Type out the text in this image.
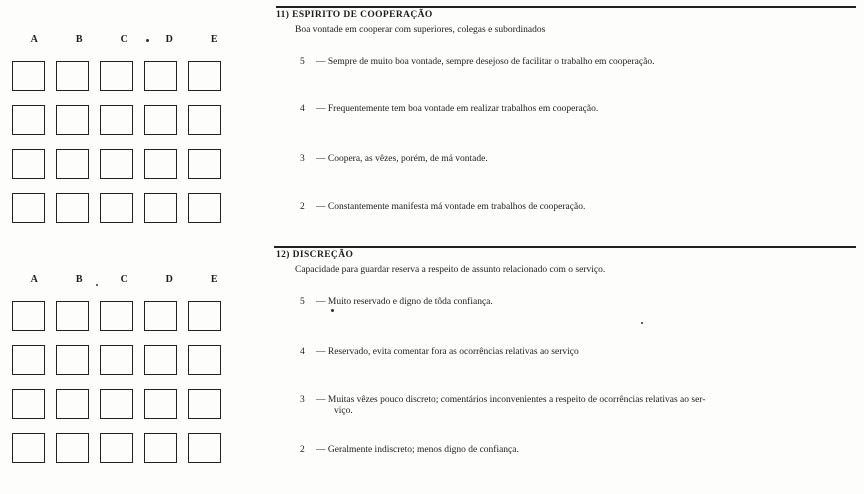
A	B	C	D	E
A	B	C	D	E
11) ESPIRITO DE COOPERAÇÃO
Boa vontade em cooperar com superiores, colegas e subordinados
5 — Sempre de muito boa vontade, sempre desejoso de facilitar o trabalho em cooperação.
4 — Frequentemente tem boa vontade em realizar trabalhos em cooperação.
3 — Coopera, as vêzes, porém, de má vontade.
2 — Constantemente manifesta má vontade em trabalhos de cooperação.
12) DISCREÇÃO
Capacidade para guardar reserva a respeito de assunto relacionado com o serviço.
5 — Muito reservado e digno de tôda confiança.
4 — Reservado, evita comentar fora as ocorrências relativas ao serviço
3 — Muitas vêzes pouco discreto; comentários inconvenientes a respeito de ocorrências relativas ao ser-
viço.
2 — Geralmente indiscreto; menos digno de confiança.
